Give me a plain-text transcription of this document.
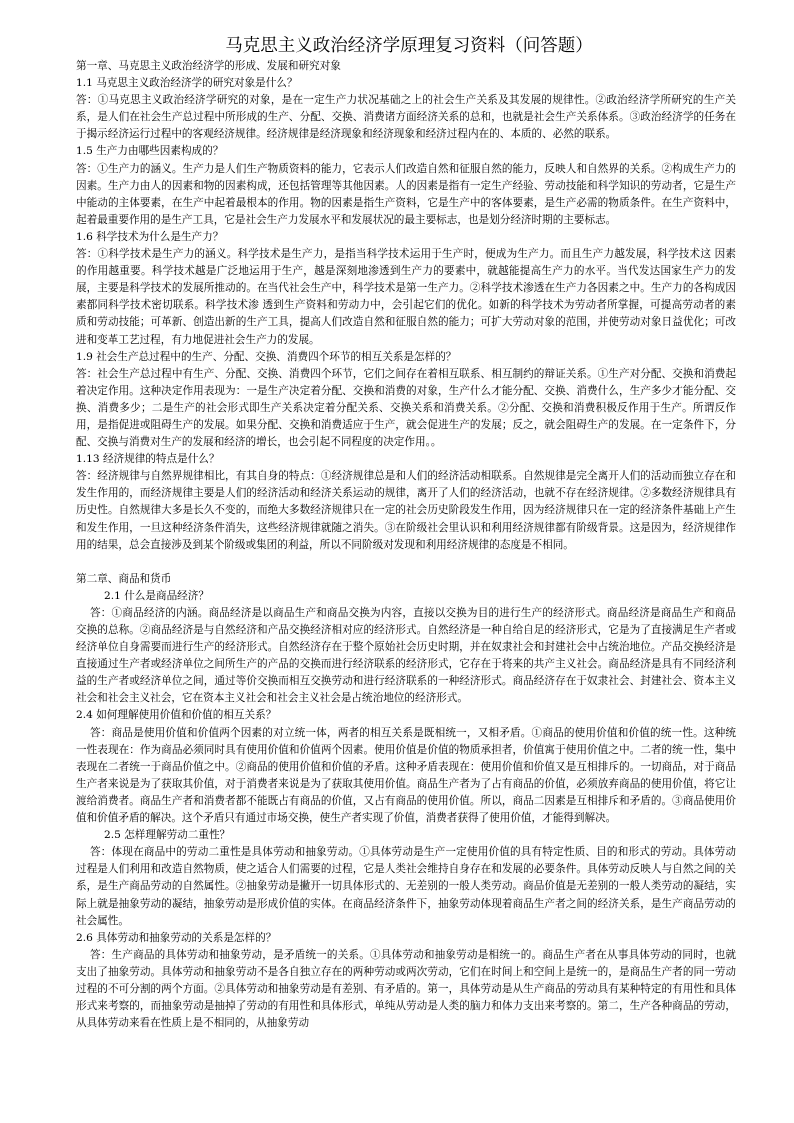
马克思主义政治经济学原理复习资料（问答题）

第一章、马克思主义政治经济学的形成、发展和研究对象

1.1 马克思主义政治经济学的研究对象是什么？

答：①马克思主义政治经济学研究的对象，是在一定生产力状况基础之上的社会生产关系及其发展的规律性。②政治经济学所研究的生产关系，是人们在社会生产总过程中所形成的生产、分配、交换、消费诸方面经济关系的总和，也就是社会生产关系体系。③政治经济学的任务在于揭示经济运行过程中的客观经济规律。经济规律是经济现象和经济现象和经济过程内在的、本质的、必然的联系。

1.5 生产力由哪些因素构成的？

答：①生产力的涵义。生产力是人们生产物质资料的能力，它表示人们改造自然和征服自然的能力，反映人和自然界的关系。②构成生产力的因素。生产力由人的因素和物的因素构成，还包括管理等其他因素。人的因素是指有一定生产经验、劳动技能和科学知识的劳动者，它是生产中能动的主体要素，在生产中起着最根本的作用。物的因素是指生产资料，它是生产中的客体要素，是生产必需的物质条件。在生产资料中，起着最重要作用的是生产工具，它是社会生产力发展水平和发展状况的最主要标志，也是划分经济时期的主要标志。

1.6 科学技术为什么是生产力？

答：①科学技术是生产力的涵义。科学技术是生产力，是指当科学技术运用于生产时，便成为生产力。而且生产力越发展，科学技术这 因素的作用越重要。科学技术越是广泛地运用于生产，越是深刻地渗透到生产力的要素中，就越能提高生产力的水平。当代发达国家生产力的发展，主要是科学技术的发展所推动的。在当代社会生产中，科学技术是第一生产力。②科学技术渗透在生产力各因素之中。生产力的各构成因素都同科学技术密切联系。科学技术渗 透到生产资料和劳动力中，会引起它们的优化。如新的科学技术为劳动者所掌握，可提高劳动者的素质和劳动技能；可革新、创造出新的生产工具，提高人们改造自然和征服自然的能力；可扩大劳动对象的范围，并使劳动对象日益优化；可改进和变革工艺过程，有力地促进社会生产力的发展。

1.9 社会生产总过程中的生产、分配、交换、消费四个环节的相互关系是怎样的？

答：社会生产总过程中有生产、分配、交换、消费四个环节，它们之间存在着相互联系、相互制约的辩证关系。①生产对分配、交换和消费起着决定作用。这种决定作用表现为：一是生产决定着分配、交换和消费的对象，生产什么才能分配、交换、消费什么，生产多少才能分配、交换、消费多少；二是生产的社会形式即生产关系决定着分配关系、交换关系和消费关系。②分配、交换和消费积极反作用于生产。所谓反作用，是指促进或阻碍生产的发展。如果分配、交换和消费适应于生产，就会促进生产的发展；反之，就会阻碍生产的发展。在一定条件下，分配、交换与消费对生产的发展和经济的增长，也会引起不同程度的决定作用。。

1.13 经济规律的特点是什么？

答：经济规律与自然界规律相比，有其自身的特点：①经济规律总是和人们的经济活动相联系。自然规律是完全离开人们的活动而独立存在和发生作用的，而经济规律主要是人们的经济活动和经济关系运动的规律，离开了人们的经济活动，也就不存在经济规律。②多数经济规律具有历史性。自然规律大多是长久不变的，而绝大多数经济规律只在一定的社会历史阶段发生作用，因为经济规律只在一定的经济条件基础上产生和发生作用，一旦这种经济条件消失，这些经济规律就随之消失。③在阶级社会里认识和利用经济规律都有阶级背景。这是因为，经济规律作用的结果，总会直接涉及到某个阶级或集团的利益，所以不同阶级对发现和利用经济规律的态度是不相同。

第二章、商品和货币

2.1 什么是商品经济？

答：①商品经济的内涵。商品经济是以商品生产和商品交换为内容，直接以交换为目的进行生产的经济形式。商品经济是商品生产和商品交换的总称。②商品经济是与自然经济和产品交换经济相对应的经济形式。自然经济是一种自给自足的经济形式，它是为了直接满足生产者或经济单位自身需要而进行生产的经济形式。自然经济存在于整个原始社会历史时期，并在奴隶社会和封建社会中占统治地位。产品交换经济是直接通过生产者或经济单位之间所生产的产品的交换而进行经济联系的经济形式，它存在于将来的共产主义社会。商品经济是具有不同经济利益的生产者或经济单位之间，通过等价交换而相互交换劳动和进行经济联系的一种经济形式。商品经济存在于奴隶社会、封建社会、资本主义社会和社会主义社会，它在资本主义社会和社会主义社会是占统治地位的经济形式。

2.4 如何理解使用价值和价值的相互关系？

答：商品是使用价值和价值两个因素的对立统一体，两者的相互关系是既相统一，又相矛盾。①商品的使用价值和价值的统一性。这种统一性表现在：作为商品必须同时具有使用价值和价值两个因素。使用价值是价值的物质承担者，价值寓于使用价值之中。二者的统一性，集中表现在二者统一于商品价值之中。②商品的使用价值和价值的矛盾。这种矛盾表现在：使用价值和价值又是互相排斥的。一切商品，对于商品生产者来说是为了获取其价值，对于消费者来说是为了获取其使用价值。商品生产者为了占有商品的价值，必须放弃商品的使用价值，将它让渡给消费者。商品生产者和消费者都不能既占有商品的价值，又占有商品的使用价值。所以，商品二因素是互相排斥和矛盾的。③商品使用价值和价值矛盾的解决。这个矛盾只有通过市场交换，使生产者实现了价值，消费者获得了使用价值，才能得到解决。

2.5 怎样理解劳动二重性？

答：体现在商品中的劳动二重性是具体劳动和抽象劳动。①具体劳动是生产一定使用价值的具有特定性质、目的和形式的劳动。具体劳动过程是人们利用和改造自然物质，使之适合人们需要的过程，它是人类社会维持自身存在和发展的必要条件。具体劳动反映人与自然之间的关系，是生产商品劳动的自然属性。②抽象劳动是撇开一切具体形式的、无差别的一般人类劳动。商品价值是无差别的一般人类劳动的凝结，实际上就是抽象劳动的凝结，抽象劳动是形成价值的实体。在商品经济条件下，抽象劳动体现着商品生产者之间的经济关系，是生产商品劳动的社会属性。

2.6 具体劳动和抽象劳动的关系是怎样的？

答：生产商品的具体劳动和抽象劳动，是矛盾统一的关系。①具体劳动和抽象劳动是相统一的。商品生产者在从事具体劳动的同时，也就支出了抽象劳动。具体劳动和抽象劳动不是各自独立存在的两种劳动或两次劳动，它们在时间上和空间上是统一的，是商品生产者的同一劳动过程的不可分割的两个方面。②具体劳动和抽象劳动是有差别、有矛盾的。第一，具体劳动是从生产商品的劳动具有某种特定的有用性和具体形式来考察的，而抽象劳动是抽掉了劳动的有用性和具体形式，单纯从劳动是人类的脑力和体力支出来考察的。第二，生产各种商品的劳动，从具体劳动来看在性质上是不相同的，从抽象劳动
